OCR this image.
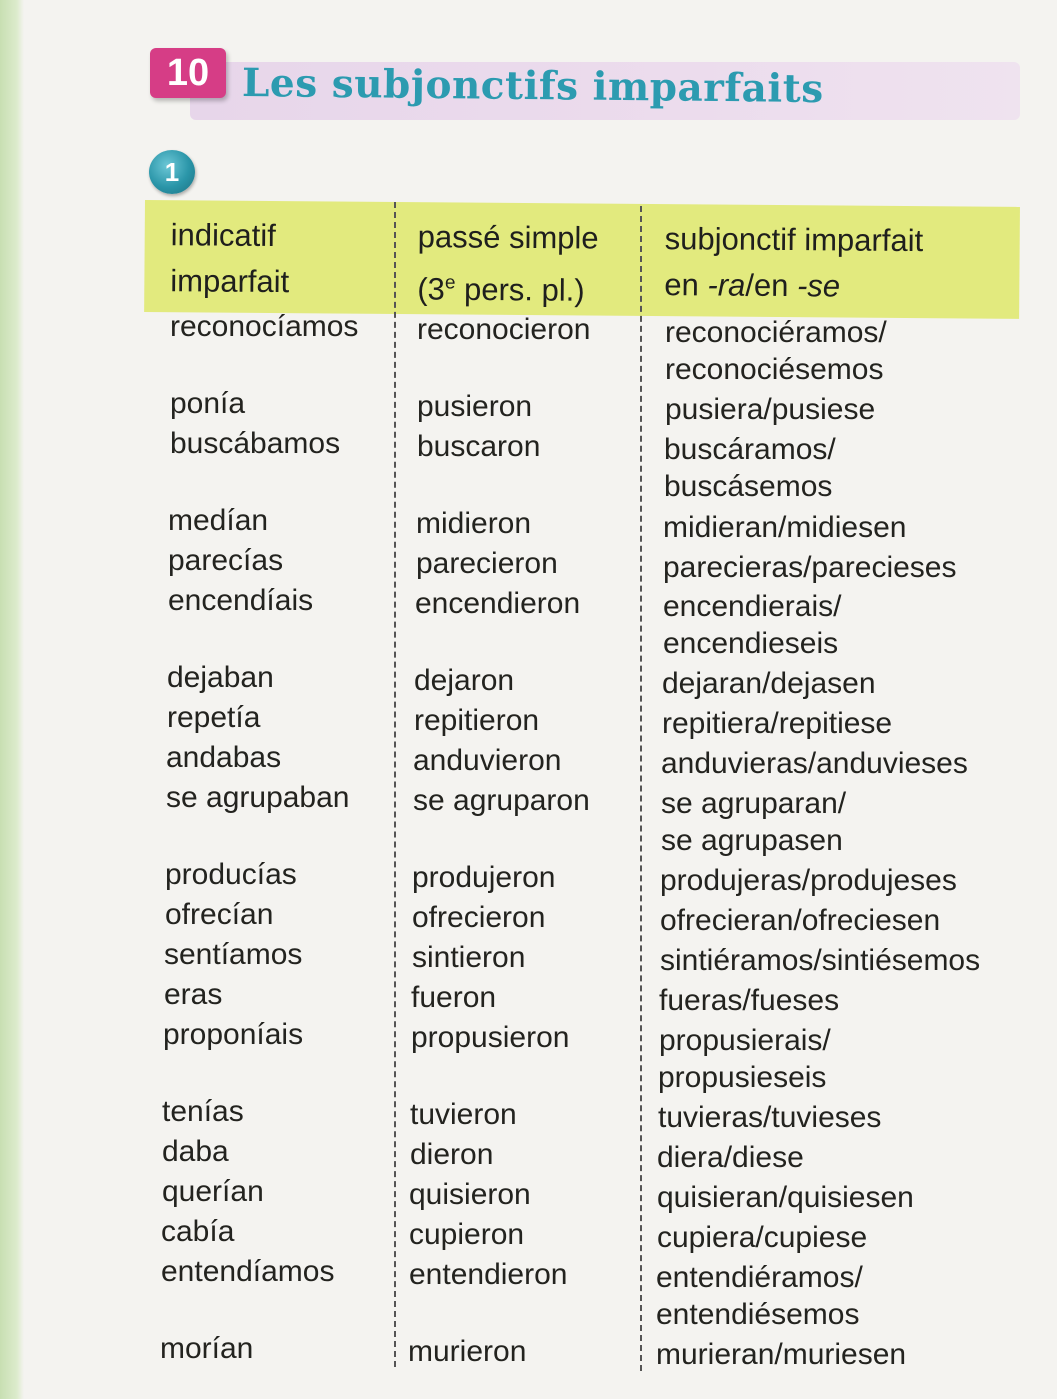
10 Les subjonctifs imparfaits
1
indicatif
imparfait
passé simple
(3e pers. pl.)
subjonctif imparfait
en -ra/en -se
reconocíamos
ponía
buscábamos
medían
parecías
encendíais
dejaban
repetía
andabas
se agrupaban
producías
ofrecían
sentíamos
eras
proponíais
tenías
daba
querían
cabía
entendíamos
morían
reconocieron
pusieron
buscaron
midieron
parecieron
encendieron
dejaron
repitieron
anduvieron
se agruparon
produjeron
ofrecieron
sintieron
fueron
propusieron
tuvieron
dieron
quisieron
cupieron
entendieron
murieron
reconociéramos/
reconociésemos
pusiera/pusiese
buscáramos/
buscásemos
midieran/midiesen
parecieras/parecieses
encendierais/
encendieseis
dejaran/dejasen
repitiera/repitiese
anduvieras/anduvieses
se agruparan/
se agrupasen
produjeras/produjeses
ofrecieran/ofreciesen
sintiéramos/sintiésemos
fueras/fueses
propusierais/
propusieseis
tuvieras/tuvieses
diera/diese
quisieran/quisiesen
cupiera/cupiese
entendiéramos/
entendiésemos
murieran/muriesen
